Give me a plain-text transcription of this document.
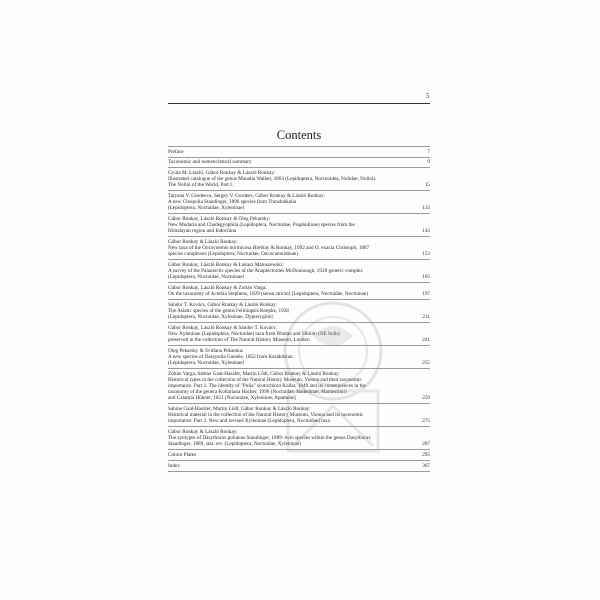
5
Contents
Preface	7
Taxonomic and nomenclatural summary	9
Gyula M. László, Gábor Ronkay & László Ronkay:
Illustrated catalogue of the genus Manoba Walker, 1863 (Lepidoptera, Noctuoidea, Nolidae, Nolini).
The Nolini of the World, Part I.	15
Tatyana V. Gordeeva, Sergey V. Gordeev, Gábor Ronkay & László Ronkay:
A new Cleopolia Staudinger, 1896 species from Transbaikalia
(Lepidoptera, Noctuidae, Xyleninae)	133
Gábor Ronkay, László Ronkay & Oleg Pekarsky:
New Mudaria and Chadegyophila (Lepidoptera, Noctuidae, Psaphidinae) species from the
Himalayan region and Indochina	143
Gábor Ronkay & László Ronkay:
New taxa of the Oncocnemis mirmicosa Hreblay & Ronkay, 1992 and O. exacta Christoph, 1887
species complexes (Lepidoptera, Noctuidae, Oncocnemidinae)	153
Gábor Ronkay, László Ronkay & Łukasz Matuszewski:
A survey of the Palaearctic species of the Anaplectoides McDunnough, 1928 generic complex
(Lepidoptera, Noctuidae, Noctuinae)	165
Gábor Ronkay, László Ronkay & Zoltán Varga:
On the taxonomy of Actebia Stephens, 1829 (sensu stricto) (Lepidoptera, Noctuidae, Noctuinae)	197
Sándor T. Kovács, Gábor Ronkay & László Ronkay:
The Asiatic species of the genus Feliniopsis Roepke, 1938
(Lepidoptera, Noctuidae, Xyleninae, Dypterygiini)	211
Gábor Ronkay, László Ronkay & Sándor T. Kovács:
New Xyleninae (Lepidoptera, Noctuidae) taxa from Bhutan and Sikkim (NE India)
preserved in the collection of The Natural History Museum, London	241
Oleg Pekarsky & Svitlana Pekarska:
A new species of Dasypolia Guenée, 1852 from Kazakhstan
(Lepidoptera, Noctuidae, Xyleninae)	255
Zoltán Varga, Sabine Gaal-Haszler, Martin Lödl, Gábor Ronkay & László Ronkay:
Historical types in the collection of the Natural History Museum, Vienna and their taxonomic
importance. Part 1. The identity of "Polia" scotochlora Kollar, 1849 and its consequences in the
taxonomy of the genera Kollariana Hacker, 1996 (Noctuidae, Hadeninae, Mamestrini)
and Calamia Hübner, 1821 (Noctuidae, Xyleninae, Apameini)	259
Sabine Gaal-Haszler, Martin Lödl, Gábor Ronkay & László Ronkay:
Historical material in the collection of the Natural History Museum, Vienna and its taxonomic
importance. Part 2. New and revised Xyleninae (Lepidoptera, Noctuidae) taxa	275
Gábor Ronkay & László Ronkay:
The syntypes of Dasythorax polianus Staudinger, 1889: twin species within the genus Dasythorax
Staudinger, 1889, stat. rev. (Lepidoptera, Noctuidae, Xyleninae)	287
Colour Plates	295
Index	367
